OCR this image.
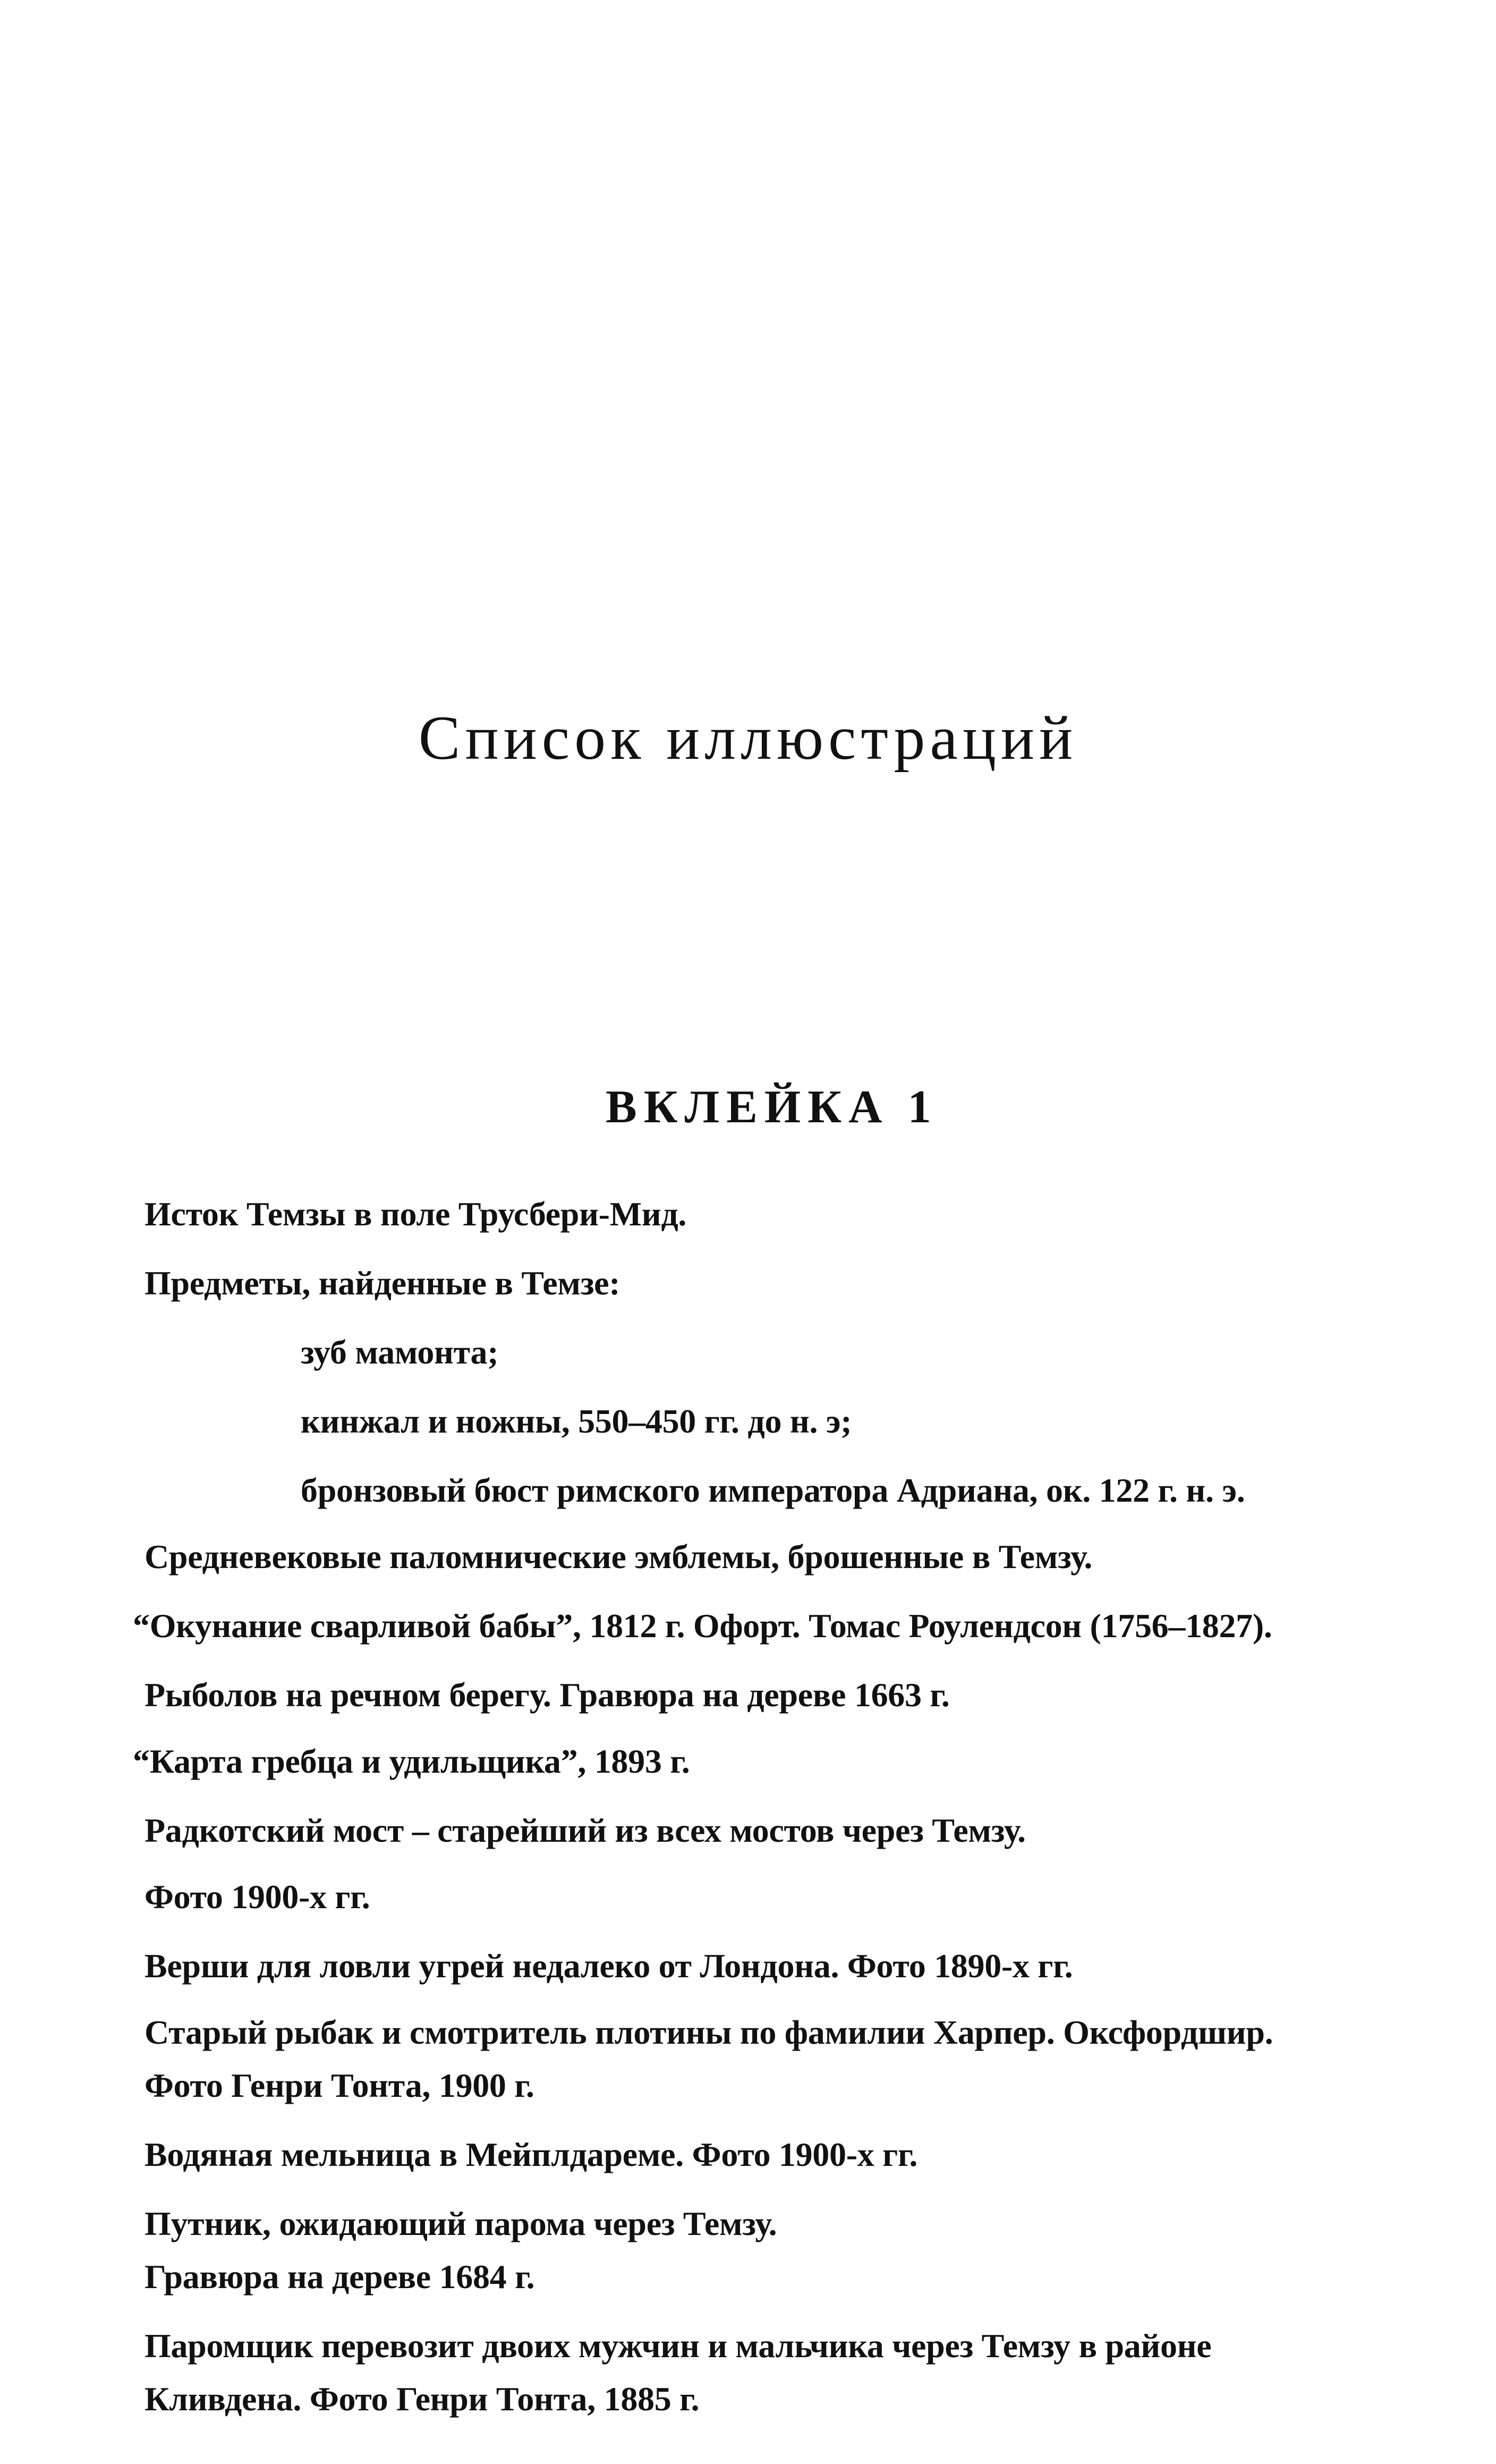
Список иллюстраций
ВКЛЕЙКА 1
Исток Темзы в поле Трусбери-Мид.
Предметы, найденные в Темзе:
зуб мамонта;
кинжал и ножны, 550–450 гг. до н. э;
бронзовый бюст римского императора Адриана, ок. 122 г. н. э.
Средневековые паломнические эмблемы, брошенные в Темзу.
“Окунание сварливой бабы”, 1812 г. Офорт. Томас Роулендсон (1756–1827).
Рыболов на речном берегу. Гравюра на дереве 1663 г.
“Карта гребца и удильщика”, 1893 г.
Радкотский мост – старейший из всех мостов через Темзу.
Фото 1900-х гг.
Верши для ловли угрей недалеко от Лондона. Фото 1890-х гг.
Старый рыбак и смотритель плотины по фамилии Харпер. Оксфордшир.
Фото Генри Тонта, 1900 г.
Водяная мельница в Мейплдареме. Фото 1900-х гг.
Путник, ожидающий парома через Темзу.
Гравюра на дереве 1684 г.
Паромщик перевозит двоих мужчин и мальчика через Темзу в районе
Кливдена. Фото Генри Тонта, 1885 г.
